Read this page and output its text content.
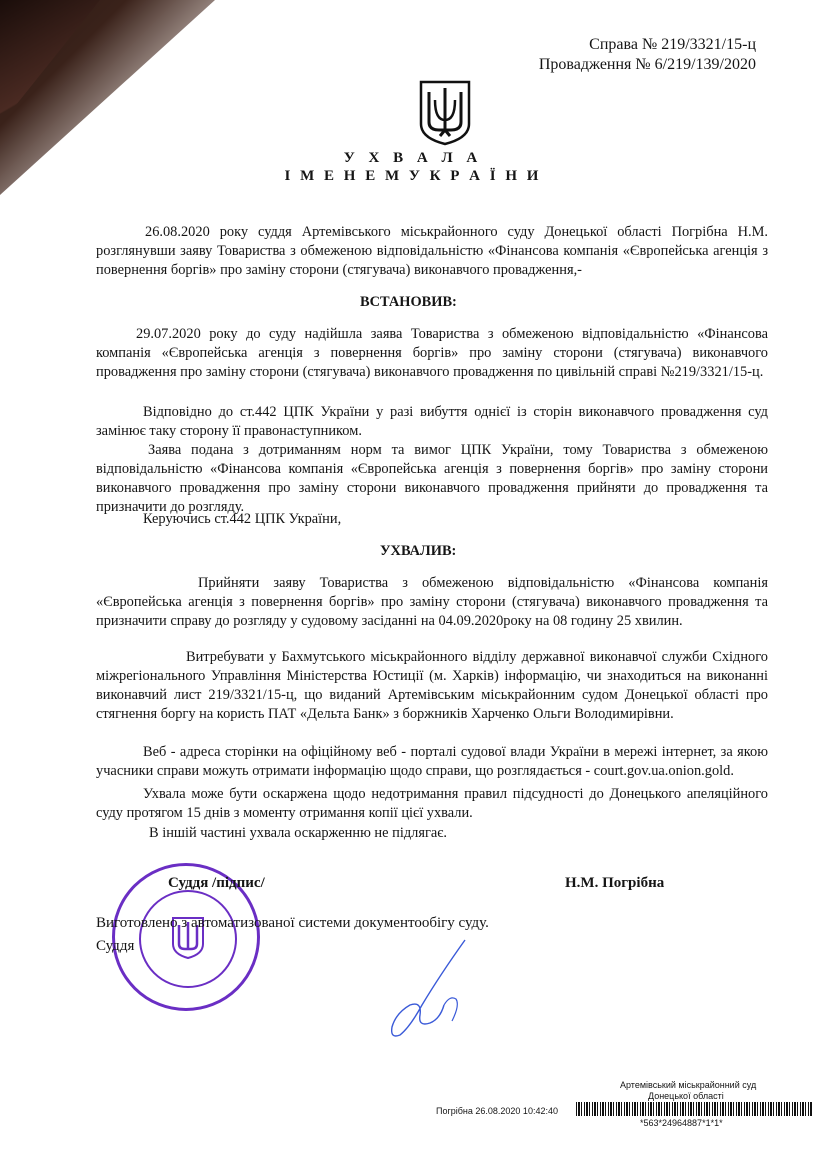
Справа № 219/3321/15-ц
Провадження № 6/219/139/2020
У Х В А Л А
І М Е Н Е М У К Р А Ї Н И
26.08.2020 року суддя Артемівського міськрайонного суду Донецької області Погрібна Н.М. розглянувши заяву Товариства з обмеженою відповідальністю «Фінансова компанія «Європейська агенція з повернення боргів» про заміну сторони (стягувача) виконавчого провадження,-
ВСТАНОВИВ:
29.07.2020 року до суду надійшла заява Товариства з обмеженою відповідальністю «Фінансова компанія «Європейська агенція з повернення боргів» про заміну сторони (стягувача) виконавчого провадження про заміну сторони (стягувача) виконавчого провадження по цивільній справі №219/3321/15-ц.
Відповідно до ст.442 ЦПК України у разі вибуття однієї із сторін виконавчого провадження суд замінює таку сторону її правонаступником.
Заява подана з дотриманням норм та вимог ЦПК України, тому Товариства з обмеженою відповідальністю «Фінансова компанія «Європейська агенція з повернення боргів» про заміну сторони виконавчого провадження про заміну сторони виконавчого провадження прийняти до провадження та призначити до розгляду.
Керуючись ст.442 ЦПК України,
УХВАЛИВ:
Прийняти заяву Товариства з обмеженою відповідальністю «Фінансова компанія «Європейська агенція з повернення боргів» про заміну сторони (стягувача) виконавчого провадження та призначити справу до розгляду у судовому засіданні на 04.09.2020року на 08 годину 25 хвилин.
Витребувати у Бахмутського міськрайонного відділу державної виконавчої служби Східного міжрегіонального Управління Міністерства Юстиції (м. Харків) інформацію, чи знаходиться на виконанні виконавчий лист 219/3321/15-ц, що виданий Артемівським міськрайонним судом Донецької області про стягнення боргу на користь ПАТ «Дельта Банк» з боржників Харченко Ольги Володимирівни.
Веб - адреса сторінки на офіційному веб - порталі судової влади України в мережі інтернет, за якою учасники справи можуть отримати інформацію щодо справи, що розглядається - court.gov.ua.onion.gold.
Ухвала може бути оскаржена щодо недотримання правил підсудності до Донецького апеляційного суду протягом 15 днів з моменту отримання копії цієї ухвали.
В іншій частині ухвала оскарженню не підлягає.
Суддя /підпис/	Н.М. Погрібна
Виготовлено з автоматизованої системи документообігу суду.
Суддя
Артемівський міськрайонний суд
Донецької області
Погрібна 26.08.2020 10:42:40
*563*24964887*1*1*
